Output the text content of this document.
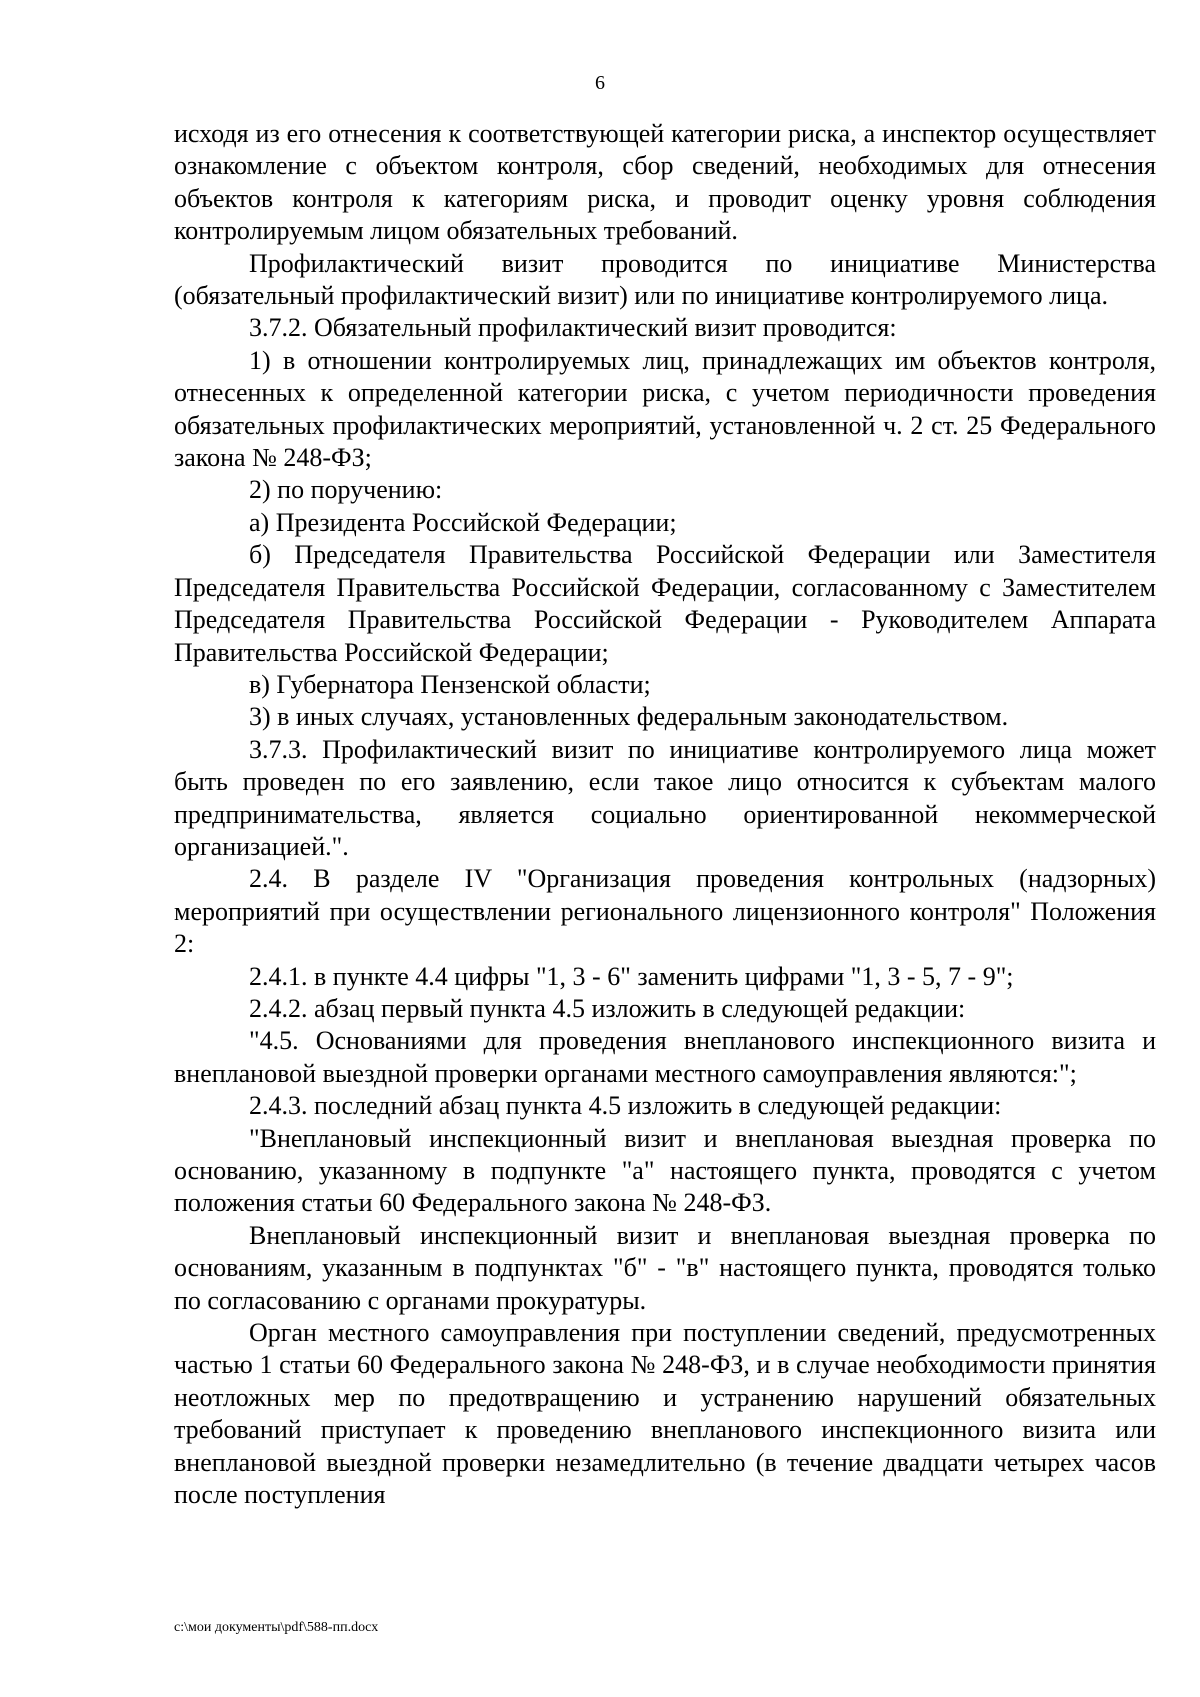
6

исходя из его отнесения к соответствующей категории риска, а инспектор осуществляет ознакомление с объектом контроля, сбор сведений, необходимых для отнесения объектов контроля к категориям риска, и проводит оценку уровня соблюдения контролируемым лицом обязательных требований.

Профилактический визит проводится по инициативе Министерства (обязательный профилактический визит) или по инициативе контролируемого лица.

3.7.2. Обязательный профилактический визит проводится:

1) в отношении контролируемых лиц, принадлежащих им объектов контроля, отнесенных к определенной категории риска, с учетом периодичности проведения обязательных профилактических мероприятий, установленной ч. 2 ст. 25 Федерального закона № 248-ФЗ;

2) по поручению:

а) Президента Российской Федерации;

б) Председателя Правительства Российской Федерации или Заместителя Председателя Правительства Российской Федерации, согласованному с Заместителем Председателя Правительства Российской Федерации - Руководителем Аппарата Правительства Российской Федерации;

в) Губернатора Пензенской области;

3) в иных случаях, установленных федеральным законодательством.

3.7.3. Профилактический визит по инициативе контролируемого лица может быть проведен по его заявлению, если такое лицо относится к субъектам малого предпринимательства, является социально ориентированной некоммерческой организацией.".

2.4. В разделе IV "Организация проведения контрольных (надзорных) мероприятий при осуществлении регионального лицензионного контроля" Положения 2:

2.4.1. в пункте 4.4 цифры "1, 3 - 6" заменить цифрами "1, 3 - 5, 7 - 9";

2.4.2. абзац первый пункта 4.5 изложить в следующей редакции:

"4.5. Основаниями для проведения внепланового инспекционного визита и внеплановой выездной проверки органами местного самоуправления являются:";

2.4.3. последний абзац пункта 4.5 изложить в следующей редакции:

"Внеплановый инспекционный визит и внеплановая выездная проверка по основанию, указанному в подпункте "а" настоящего пункта, проводятся с учетом положения статьи 60 Федерального закона № 248-ФЗ.

Внеплановый инспекционный визит и внеплановая выездная проверка по основаниям, указанным в подпунктах "б" - "в" настоящего пункта, проводятся только по согласованию с органами прокуратуры.

Орган местного самоуправления при поступлении сведений, предусмотренных частью 1 статьи 60 Федерального закона № 248-ФЗ, и в случае необходимости принятия неотложных мер по предотвращению и устранению нарушений обязательных требований приступает к проведению внепланового инспекционного визита или внеплановой выездной проверки незамедлительно (в течение двадцати четырех часов после поступления

c:\мои документы\pdf\588-пп.docx
